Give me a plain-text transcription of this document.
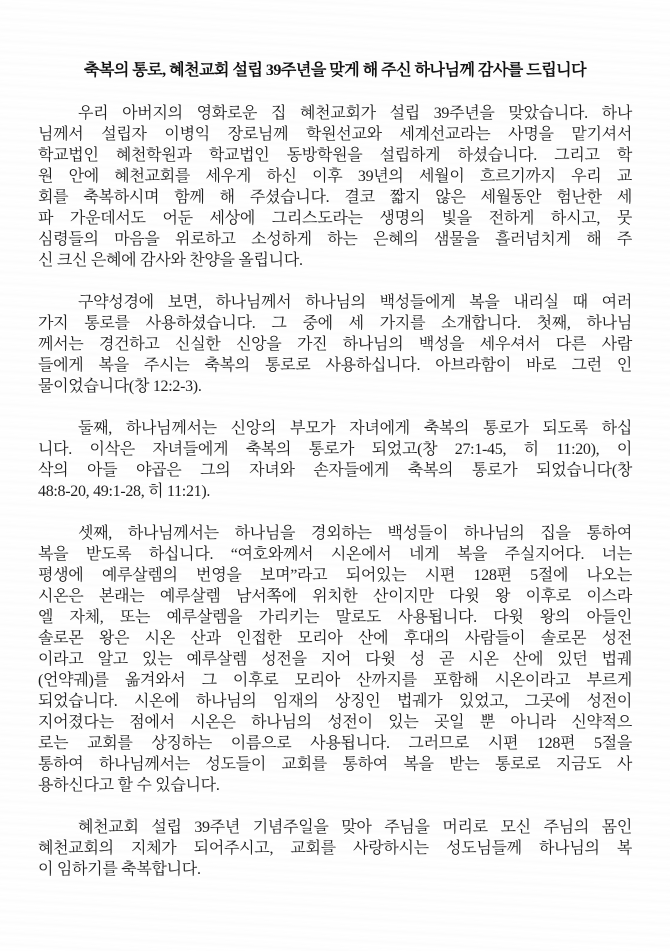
축복의 통로, 혜천교회 설립 39주년을 맞게 해 주신 하나님께 감사를 드립니다
우리 아버지의 영화로운 집 혜천교회가 설립 39주년을 맞았습니다. 하나
님께서 설립자 이병익 장로님께 학원선교와 세계선교라는 사명을 맡기셔서
학교법인 혜천학원과 학교법인 동방학원을 설립하게 하셨습니다. 그리고 학
원 안에 혜천교회를 세우게 하신 이후 39년의 세월이 흐르기까지 우리 교
회를 축복하시며 함께 해 주셨습니다. 결코 짧지 않은 세월동안 험난한 세
파 가운데서도 어둔 세상에 그리스도라는 생명의 빛을 전하게 하시고, 뭇
심령들의 마음을 위로하고 소성하게 하는 은혜의 샘물을 흘러넘치게 해 주
신 크신 은혜에 감사와 찬양을 올립니다.
구약성경에 보면, 하나님께서 하나님의 백성들에게 복을 내리실 때 여러
가지 통로를 사용하셨습니다. 그 중에 세 가지를 소개합니다. 첫째, 하나님
께서는 경건하고 신실한 신앙을 가진 하나님의 백성을 세우셔서 다른 사람
들에게 복을 주시는 축복의 통로로 사용하십니다. 아브라함이 바로 그런 인
물이었습니다(창 12:2-3).
둘째, 하나님께서는 신앙의 부모가 자녀에게 축복의 통로가 되도록 하십
니다. 이삭은 자녀들에게 축복의 통로가 되었고(창 27:1-45, 히 11:20), 이
삭의 아들 야곱은 그의 자녀와 손자들에게 축복의 통로가 되었습니다(창
48:8-20, 49:1-28, 히 11:21).
셋째, 하나님께서는 하나님을 경외하는 백성들이 하나님의 집을 통하여
복을 받도록 하십니다. “여호와께서 시온에서 네게 복을 주실지어다. 너는
평생에 예루살렘의 번영을 보며”라고 되어있는 시편 128편 5절에 나오는
시온은 본래는 예루살렘 남서쪽에 위치한 산이지만 다윗 왕 이후로 이스라
엘 자체, 또는 예루살렘을 가리키는 말로도 사용됩니다. 다윗 왕의 아들인
솔로몬 왕은 시온 산과 인접한 모리아 산에 후대의 사람들이 솔로몬 성전
이라고 알고 있는 예루살렘 성전을 지어 다윗 성 곧 시온 산에 있던 법궤
(언약궤)를 옮겨와서 그 이후로 모리아 산까지를 포함해 시온이라고 부르게
되었습니다. 시온에 하나님의 임재의 상징인 법궤가 있었고, 그곳에 성전이
지어졌다는 점에서 시온은 하나님의 성전이 있는 곳일 뿐 아니라 신약적으
로는 교회를 상징하는 이름으로 사용됩니다. 그러므로 시편 128편 5절을
통하여 하나님께서는 성도들이 교회를 통하여 복을 받는 통로로 지금도 사
용하신다고 할 수 있습니다.
혜천교회 설립 39주년 기념주일을 맞아 주님을 머리로 모신 주님의 몸인
혜천교회의 지체가 되어주시고, 교회를 사랑하시는 성도님들께 하나님의 복
이 임하기를 축복합니다.
